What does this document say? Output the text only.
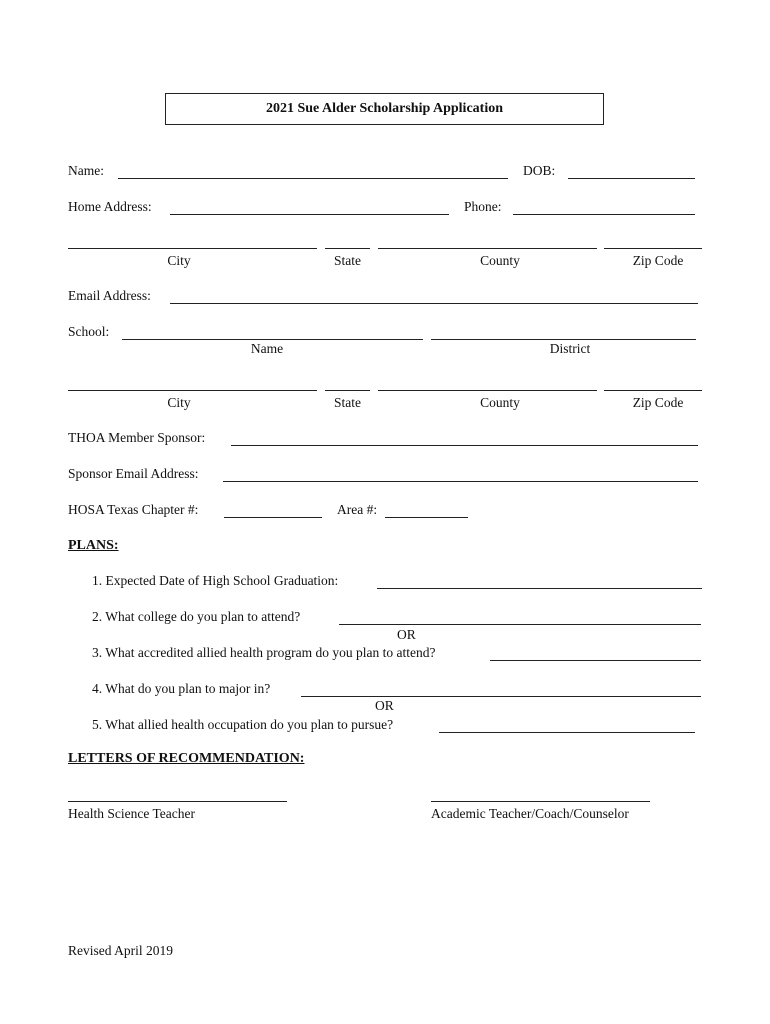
2021 Sue Alder Scholarship Application
Name:	DOB:
Home Address:	Phone:
City	State	County	Zip Code
Email Address:
School:
Name	District
City	State	County	Zip Code
THOA Member Sponsor:
Sponsor Email Address:
HOSA Texas Chapter #:	Area #:
PLANS:
1. Expected Date of High School Graduation:
2. What college do you plan to attend?
OR
3. What accredited allied health program do you plan to attend?
4. What do you plan to major in?
OR
5. What allied health occupation do you plan to pursue?
LETTERS OF RECOMMENDATION:
Health Science Teacher	Academic Teacher/Coach/Counselor
Revised April 2019
